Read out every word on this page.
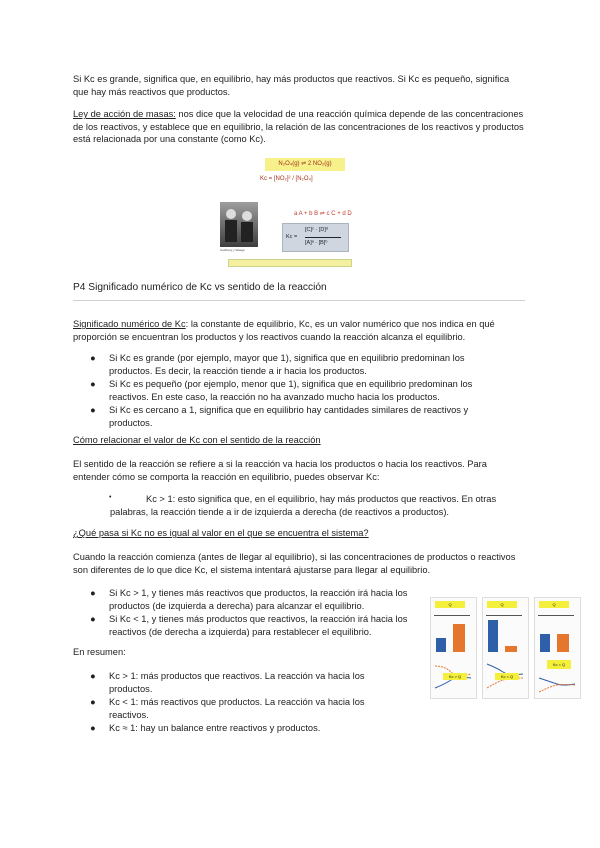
Si Kc es grande, significa que, en equilibrio, hay más productos que reactivos. Si Kc es pequeño, significa que hay más reactivos que productos.

Ley de acción de masas: nos dice que la velocidad de una reacción química depende de las concentraciones de los reactivos, y establece que en equilibrio, la relación de las concentraciones de los reactivos y productos está relacionada por una constante (como Kc).

N₂O₄(g) ⇌ 2 NO₂(g)
Kc = [NO₂]² / [N₂O₄]
Guldberg y Waage
a A + b B ⇌ c C + d D
Kc =
[C]ᶜ · [D]ᵈ
[A]ᵃ · [B]ᵇ
P4 Significado numérico de Kc vs sentido de la reacción

Significado numérico de Kc: la constante de equilibrio, Kc, es un valor numérico que nos indica en qué proporción se encuentran los productos y los reactivos cuando la reacción alcanza el equilibrio.

● Si Kc es grande (por ejemplo, mayor que 1), significa que en equilibrio predominan los productos. Es decir, la reacción tiende a ir hacia los productos.
● Si Kc es pequeño (por ejemplo, menor que 1), significa que en equilibrio predominan los reactivos. En este caso, la reacción no ha avanzado mucho hacia los productos.
● Si Kc es cercano a 1, significa que en equilibrio hay cantidades similares de reactivos y productos.
Cómo relacionar el valor de Kc con el sentido de la reacción

El sentido de la reacción se refiere a si la reacción va hacia los productos o hacia los reactivos. Para entender cómo se comporta la reacción en equilibrio, puedes observar Kc:

•	Kc > 1: esto significa que, en el equilibrio, hay más productos que reactivos. En otras palabras, la reacción tiende a ir de izquierda a derecha (de reactivos a productos).

¿Qué pasa si Kc no es igual al valor en el que se encuentra el sistema?

Cuando la reacción comienza (antes de llegar al equilibrio), si las concentraciones de productos o reactivos son diferentes de lo que dice Kc, el sistema intentará ajustarse para llegar al equilibrio.

● Si Kc > 1, y tienes más reactivos que productos, la reacción irá hacia los productos (de izquierda a derecha) para alcanzar el equilibrio.
● Si Kc < 1, y tienes más productos que reactivos, la reacción irá hacia los reactivos (de derecha a izquierda) para restablecer el equilibrio.
Q
Kc > Q
Q
Kc < Q
Q
Kc = Q
En resumen:
● Kc > 1: más productos que reactivos. La reacción va hacia los productos.
● Kc < 1: más reactivos que productos. La reacción va hacia los reactivos.
● Kc ≈ 1: hay un balance entre reactivos y productos.
